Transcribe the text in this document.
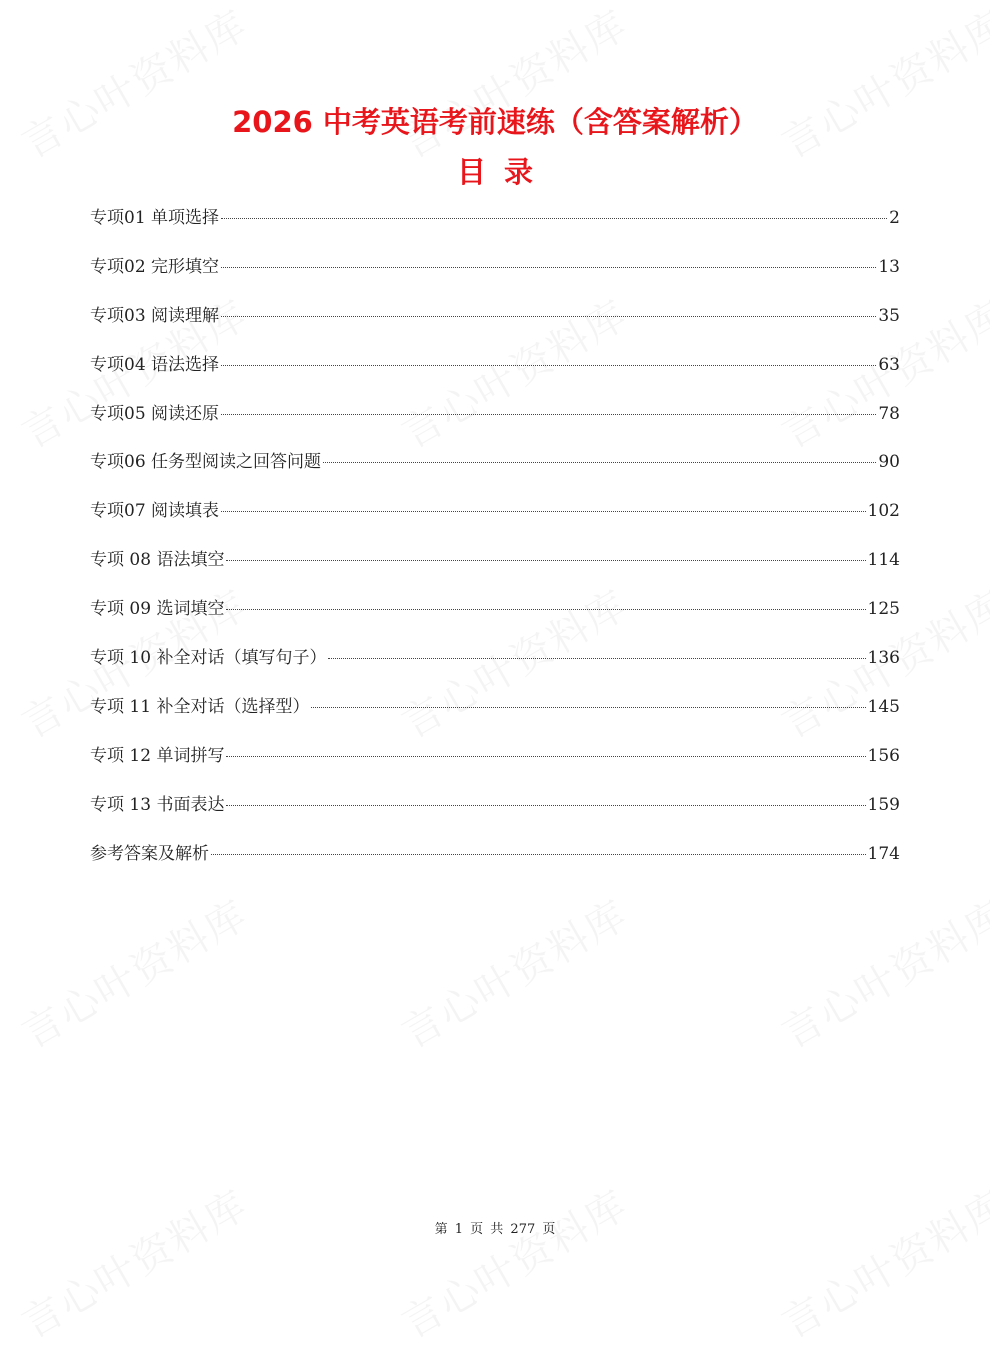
2026 中考英语考前速练（含答案解析）
目录
专项01 单项选择	2
专项02 完形填空	13
专项03 阅读理解	35
专项04 语法选择	63
专项05 阅读还原	78
专项06 任务型阅读之回答问题	90
专项07 阅读填表	102
专项 08 语法填空	114
专项 09 选词填空	125
专项 10 补全对话（填写句子）	136
专项 11 补全对话（选择型）	145
专项 12 单词拼写	156
专项 13 书面表达	159
参考答案及解析	174
第 1 页 共 277 页
